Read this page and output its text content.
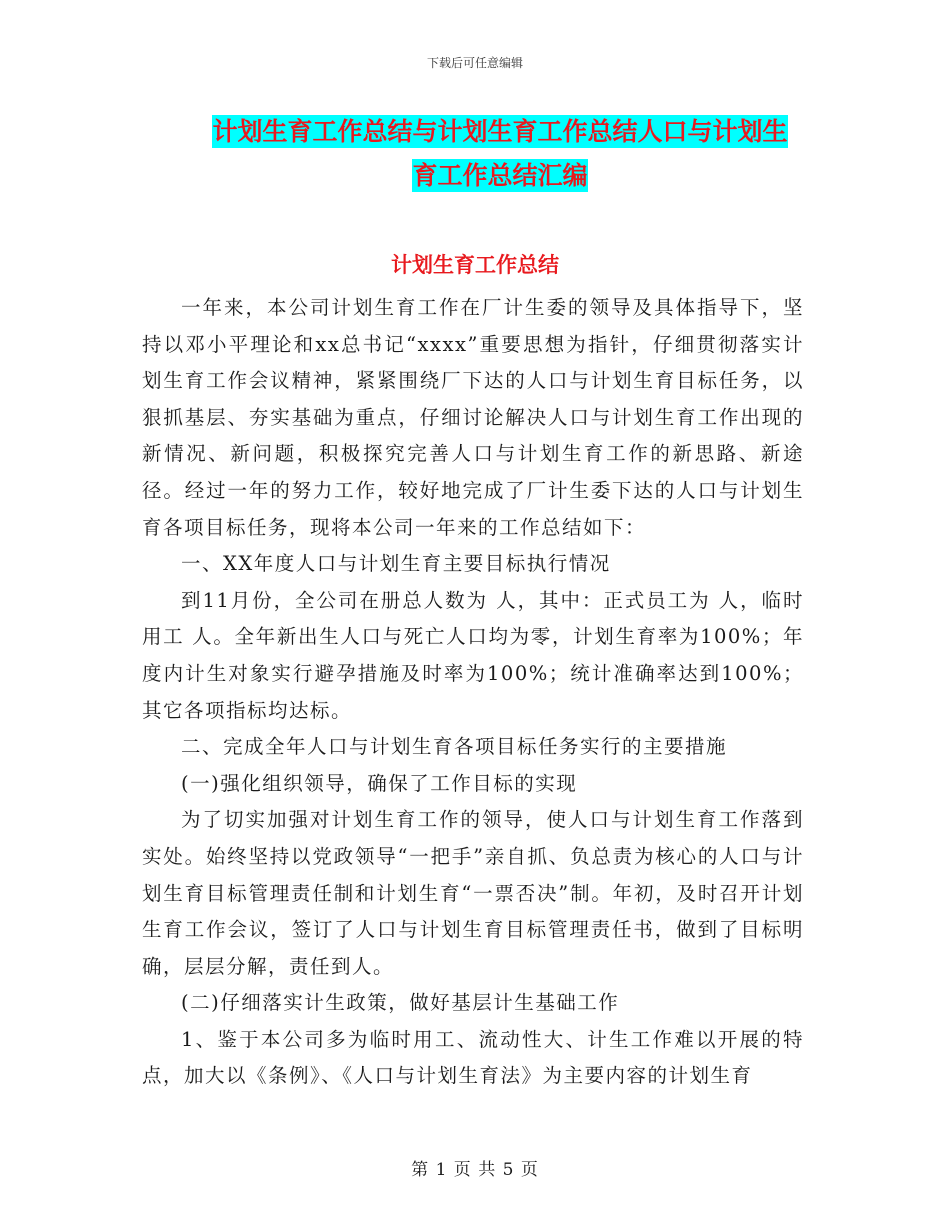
下载后可任意编辑
计划生育工作总结与计划生育工作总结人口与计划生
育工作总结汇编
计划生育工作总结

一年来，本公司计划生育工作在厂计生委的领导及具体指导下，坚持以邓小平理论和xx总书记“xxxx”重要思想为指针，仔细贯彻落实计划生育工作会议精神，紧紧围绕厂下达的人口与计划生育目标任务，以狠抓基层、夯实基础为重点，仔细讨论解决人口与计划生育工作出现的新情况、新问题，积极探究完善人口与计划生育工作的新思路、新途径。经过一年的努力工作，较好地完成了厂计生委下达的人口与计划生育各项目标任务，现将本公司一年来的工作总结如下：

一、XX年度人口与计划生育主要目标执行情况

到11月份，全公司在册总人数为 人，其中：正式员工为 人，临时用工 人。全年新出生人口与死亡人口均为零，计划生育率为100%；年度内计生对象实行避孕措施及时率为100%；统计准确率达到100%；其它各项指标均达标。

二、完成全年人口与计划生育各项目标任务实行的主要措施

(一)强化组织领导，确保了工作目标的实现

为了切实加强对计划生育工作的领导，使人口与计划生育工作落到实处。始终坚持以党政领导“一把手”亲自抓、负总责为核心的人口与计划生育目标管理责任制和计划生育“一票否决”制。年初，及时召开计划生育工作会议，签订了人口与计划生育目标管理责任书，做到了目标明确，层层分解，责任到人。

(二)仔细落实计生政策，做好基层计生基础工作

1、鉴于本公司多为临时用工、流动性大、计生工作难以开展的特点，加大以《条例》、《人口与计划生育法》为主要内容的计划生育

第 1 页 共 5 页
